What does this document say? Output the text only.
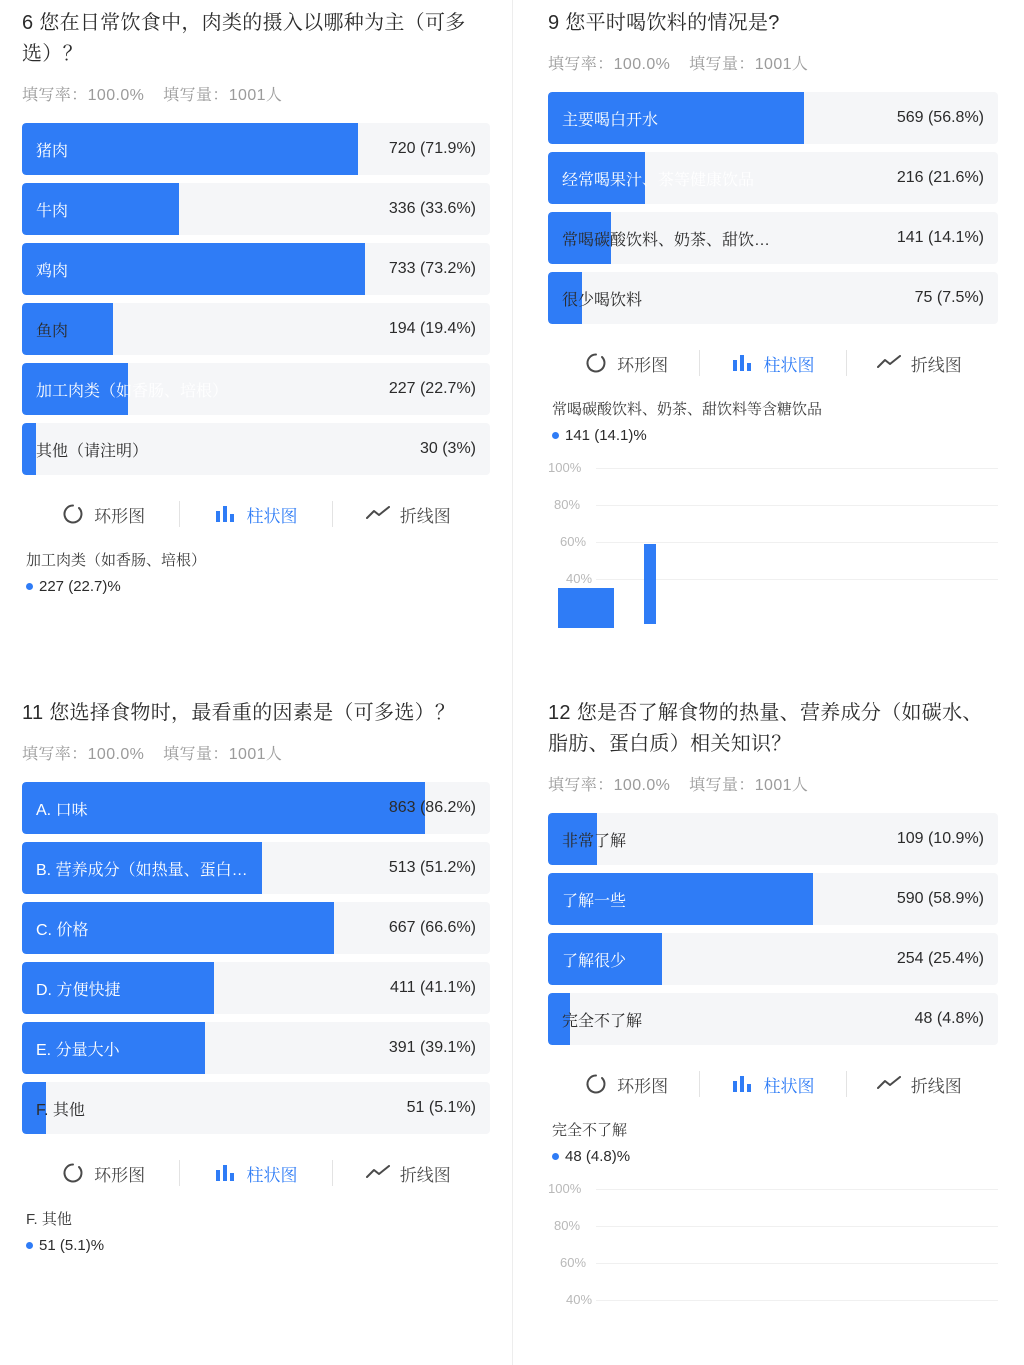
6 您在日常饮食中，肉类的摄入以哪种为主（可多选）？
填写率：100.0% 填写量：1001人
猪肉	720 (71.9%)
牛肉	336 (33.6%)
鸡肉	733 (73.2%)
鱼肉	194 (19.4%)
加工肉类（如香肠、培根）	227 (22.7%)
其他（请注明）	30 (3%)
环形图	柱状图	折线图
加工肉类（如香肠、培根）
227 (22.7)%
9 您平时喝饮料的情况是?
填写率：100.0% 填写量：1001人
主要喝白开水	569 (56.8%)
经常喝果汁、茶等健康饮品	216 (21.6%)
常喝碳酸饮料、奶茶、甜饮…	141 (14.1%)
很少喝饮料	75 (7.5%)
环形图	柱状图	折线图
常喝碳酸饮料、奶茶、甜饮料等含糖饮品
141 (14.1)%
100%
80%
60%
40%
11 您选择食物时，最看重的因素是（可多选）？
填写率：100.0% 填写量：1001人
A. 口味	863 (86.2%)
B. 营养成分（如热量、蛋白…	513 (51.2%)
C. 价格	667 (66.6%)
D. 方便快捷	411 (41.1%)
E. 分量大小	391 (39.1%)
F. 其他	51 (5.1%)
环形图	柱状图	折线图
F. 其他
51 (5.1)%
12 您是否了解食物的热量、营养成分（如碳水、脂肪、蛋白质）相关知识？
填写率：100.0% 填写量：1001人
非常了解	109 (10.9%)
了解一些	590 (58.9%)
了解很少	254 (25.4%)
完全不了解	48 (4.8%)
环形图	柱状图	折线图
完全不了解
48 (4.8)%
100%
80%
60%
40%
